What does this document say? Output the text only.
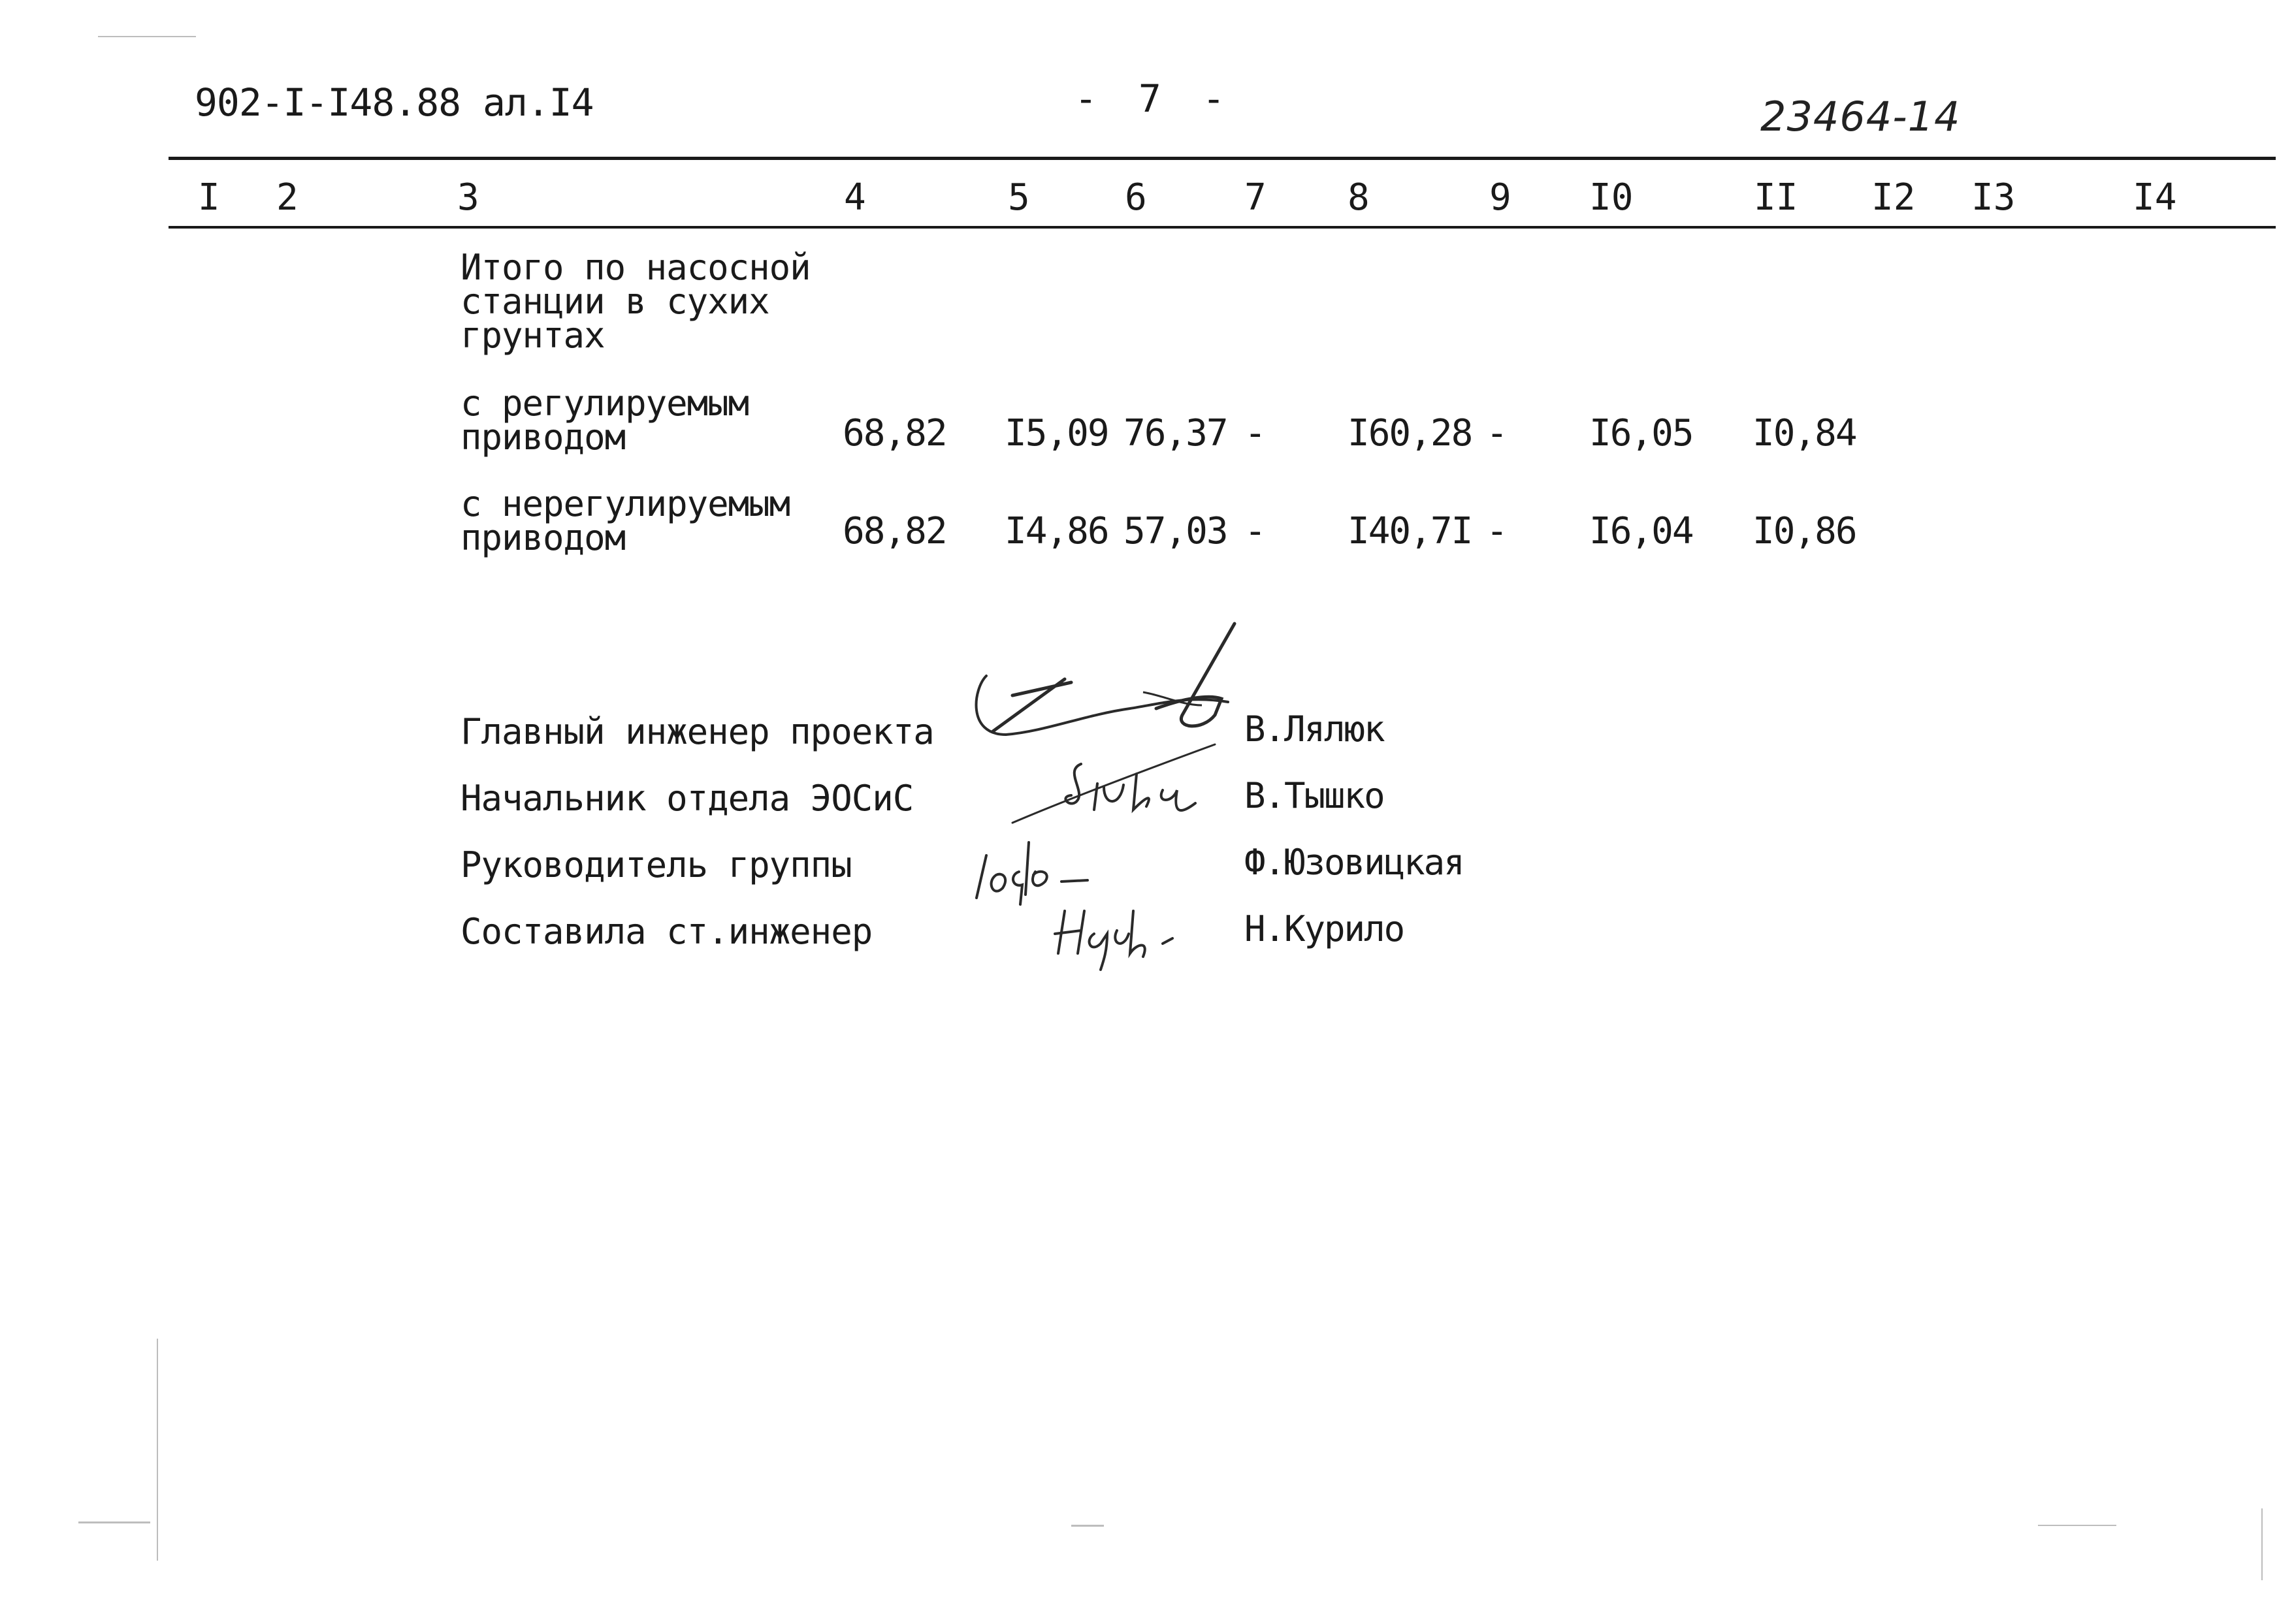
902-I-I48.88 ал.I4	- 7 -	23464-14
I 2	3	4	5	6	7 8	9 I0	II I2 I3	I4
Итого по насосной
станции в сухих
грунтах
с регулируемым
приводом	68,82 I5,09 76,37 - I60,28 - I6,05 I0,84
с нерегулируемым
приводом	68,82 I4,86 57,03 - I40,7I - I6,04 I0,86
Главный инженер проекта	В.Лялюк
Начальник отдела ЭОСиС	В.Тышко
Руководитель группы	Ф.Юзовицкая
Составила ст.инженер	Н.Курило
